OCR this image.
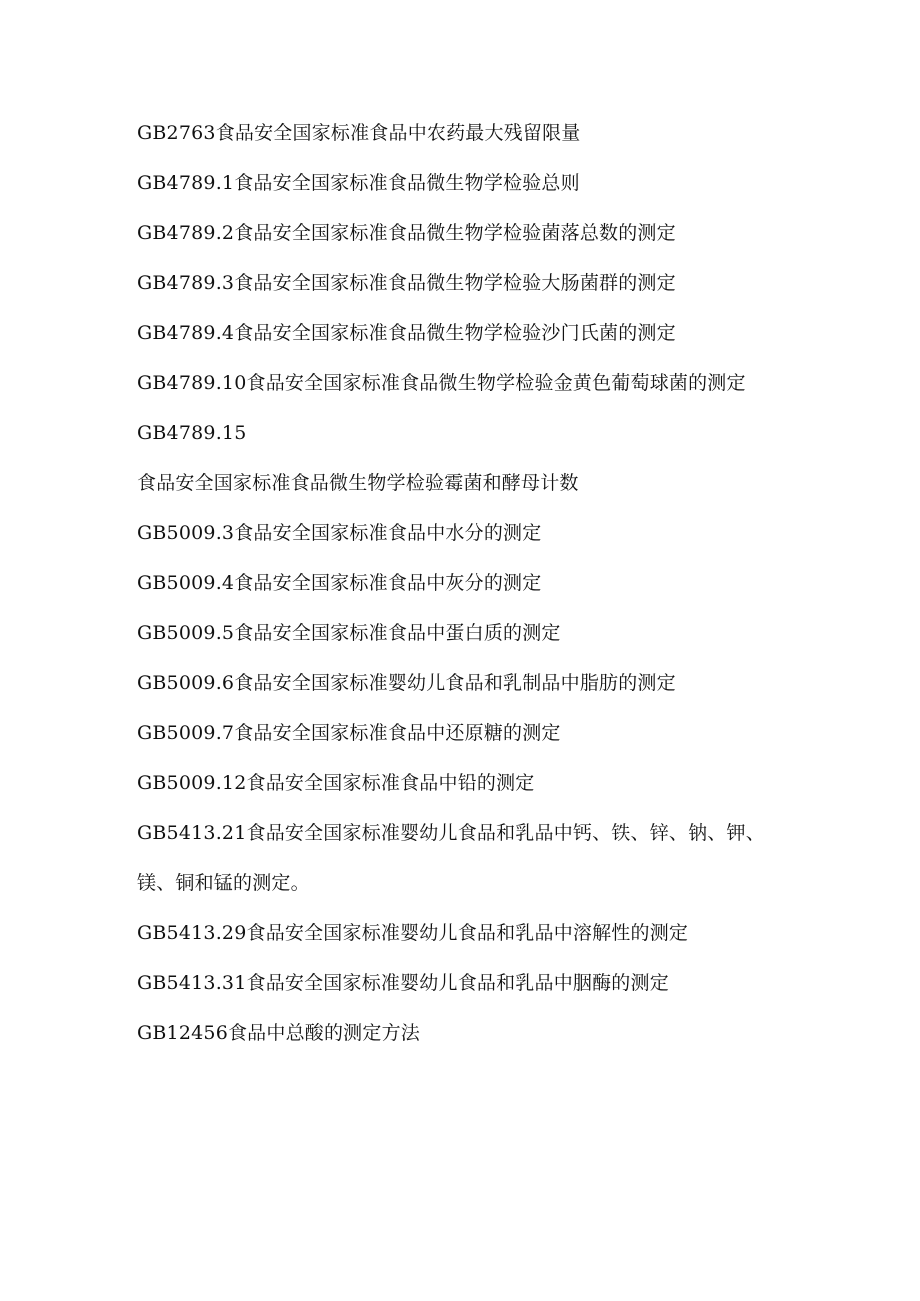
GB2763食品安全国家标准食品中农药最大残留限量
GB4789.1食品安全国家标准食品微生物学检验总则
GB4789.2食品安全国家标准食品微生物学检验菌落总数的测定
GB4789.3食品安全国家标准食品微生物学检验大肠菌群的测定
GB4789.4食品安全国家标准食品微生物学检验沙门氏菌的测定
GB4789.10食品安全国家标准食品微生物学检验金黄色葡萄球菌的测定
GB4789.15
食品安全国家标准食品微生物学检验霉菌和酵母计数
GB5009.3食品安全国家标准食品中水分的测定
GB5009.4食品安全国家标准食品中灰分的测定
GB5009.5食品安全国家标准食品中蛋白质的测定
GB5009.6食品安全国家标准婴幼儿食品和乳制品中脂肪的测定
GB5009.7食品安全国家标准食品中还原糖的测定
GB5009.12食品安全国家标准食品中铅的测定
GB5413.21食品安全国家标准婴幼儿食品和乳品中钙、铁、锌、钠、钾、
镁、铜和锰的测定。
GB5413.29食品安全国家标准婴幼儿食品和乳品中溶解性的测定
GB5413.31食品安全国家标准婴幼儿食品和乳品中胭酶的测定
GB12456食品中总酸的测定方法
